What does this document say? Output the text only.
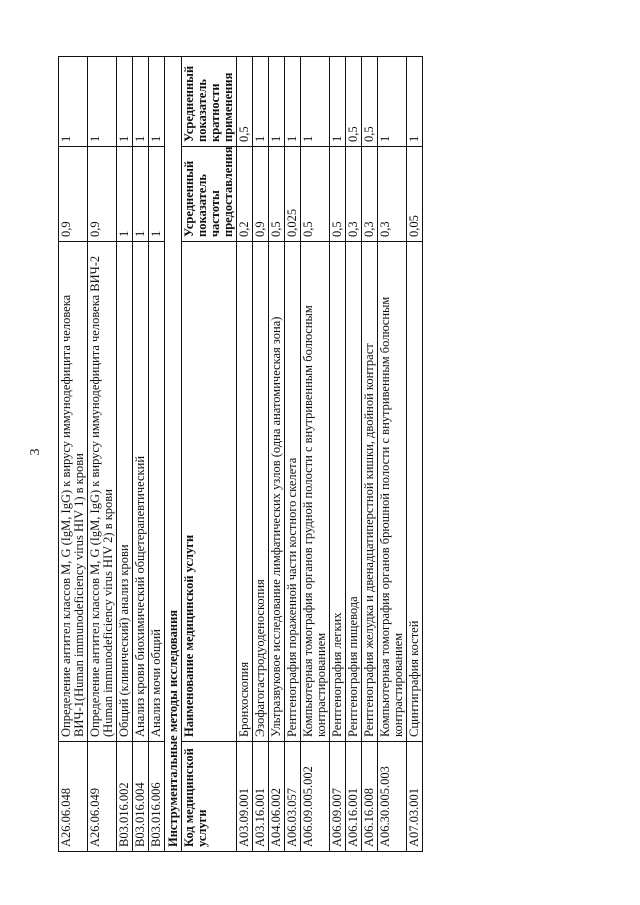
3
A26.06.048	Определение антител классов M, G (IgM, IgG) к вирусу иммунодефицита человека ВИЧ-1(Human immunodeficiency virus HIV 1) в крови	0,9	1
A26.06.049	Определение антител классов M, G (IgM, IgG) к вирусу иммунодефицита человека ВИЧ-2 (Human immunodeficiency virus HIV 2) в крови	0,9	1
B03.016.002	Общий (клинический) анализ крови	1	1
B03.016.004	Анализ крови биохимический общетерапевтический	1	1
B03.016.006	Анализ мочи общий	1	1
Инструментальные методы исследования			
Код медицинской услуги	Наименование медицинской услуги	Усредненный показатель частоты предоставления	Усредненный показатель кратности применения
A03.09.001	Бронхоскопия	0,2	0,5
A03.16.001	Эзофагогастродуоденоскопия	0,9	1
A04.06.002	Ультразвуковое исследование лимфатических узлов (одна анатомическая зона)	0,5	1
A06.03.057	Рентгенография пораженной части костного скелета	0,025	1
A06.09.005.002	Компьютерная томография органов грудной полости с внутривенным болюсным контрастированием	0,5	1
A06.09.007	Рентгенография легких	0,5	1
A06.16.001	Рентгенография пищевода	0,3	0,5
A06.16.008	Рентгенография желудка и двенадцатиперстной кишки, двойной контраст	0,3	0,5
A06.30.005.003	Компьютерная томография органов брюшной полости с внутривенным болюсным контрастированием	0,3	1
A07.03.001	Сцинтиграфия костей	0,05	1
